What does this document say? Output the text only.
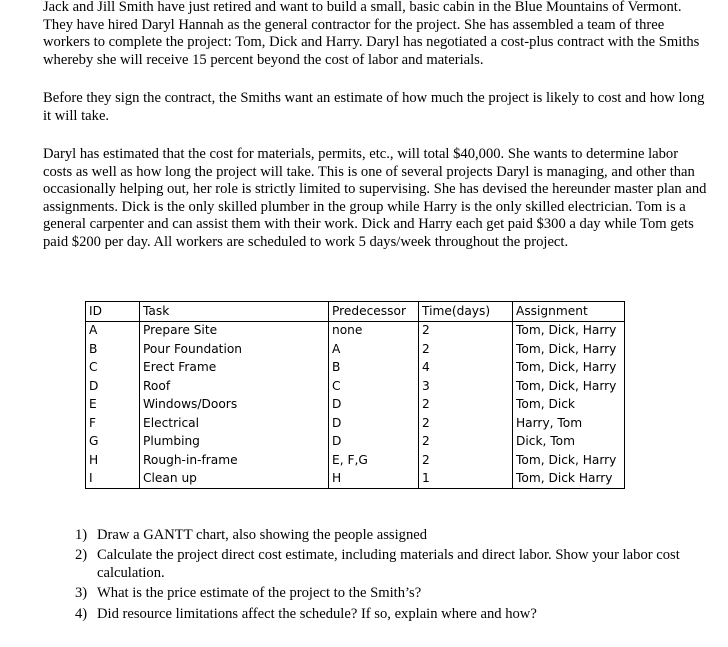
Jack and Jill Smith have just retired and want to build a small, basic cabin in the Blue Mountains of Vermont. They have hired Daryl Hannah as the general contractor for the project. She has assembled a team of three workers to complete the project: Tom, Dick and Harry. Daryl has negotiated a cost-plus contract with the Smiths whereby she will receive 15 percent beyond the cost of labor and materials.

Before they sign the contract, the Smiths want an estimate of how much the project is likely to cost and how long it will take.

Daryl has estimated that the cost for materials, permits, etc., will total $40,000. She wants to determine labor costs as well as how long the project will take. This is one of several projects Daryl is managing, and other than occasionally helping out, her role is strictly limited to supervising. She has devised the hereunder master plan and assignments. Dick is the only skilled plumber in the group while Harry is the only skilled electrician. Tom is a general carpenter and can assist them with their work. Dick and Harry each get paid $300 a day while Tom gets paid $200 per day. All workers are scheduled to work 5 days/week throughout the project.

ID	Task	Predecessor	Time(days)	Assignment
A	Prepare Site	none	2	Tom, Dick, Harry
B	Pour Foundation	A	2	Tom, Dick, Harry
C	Erect Frame	B	4	Tom, Dick, Harry
D	Roof	C	3	Tom, Dick, Harry
E	Windows/Doors	D	2	Tom, Dick
F	Electrical	D	2	Harry, Tom
G	Plumbing	D	2	Dick, Tom
H	Rough-in-frame	E, F,G	2	Tom, Dick, Harry
I	Clean up	H	1	Tom, Dick Harry
1) Draw a GANTT chart, also showing the people assigned
2) Calculate the project direct cost estimate, including materials and direct labor. Show your labor cost calculation.
3) What is the price estimate of the project to the Smith’s?
4) Did resource limitations affect the schedule? If so, explain where and how?
